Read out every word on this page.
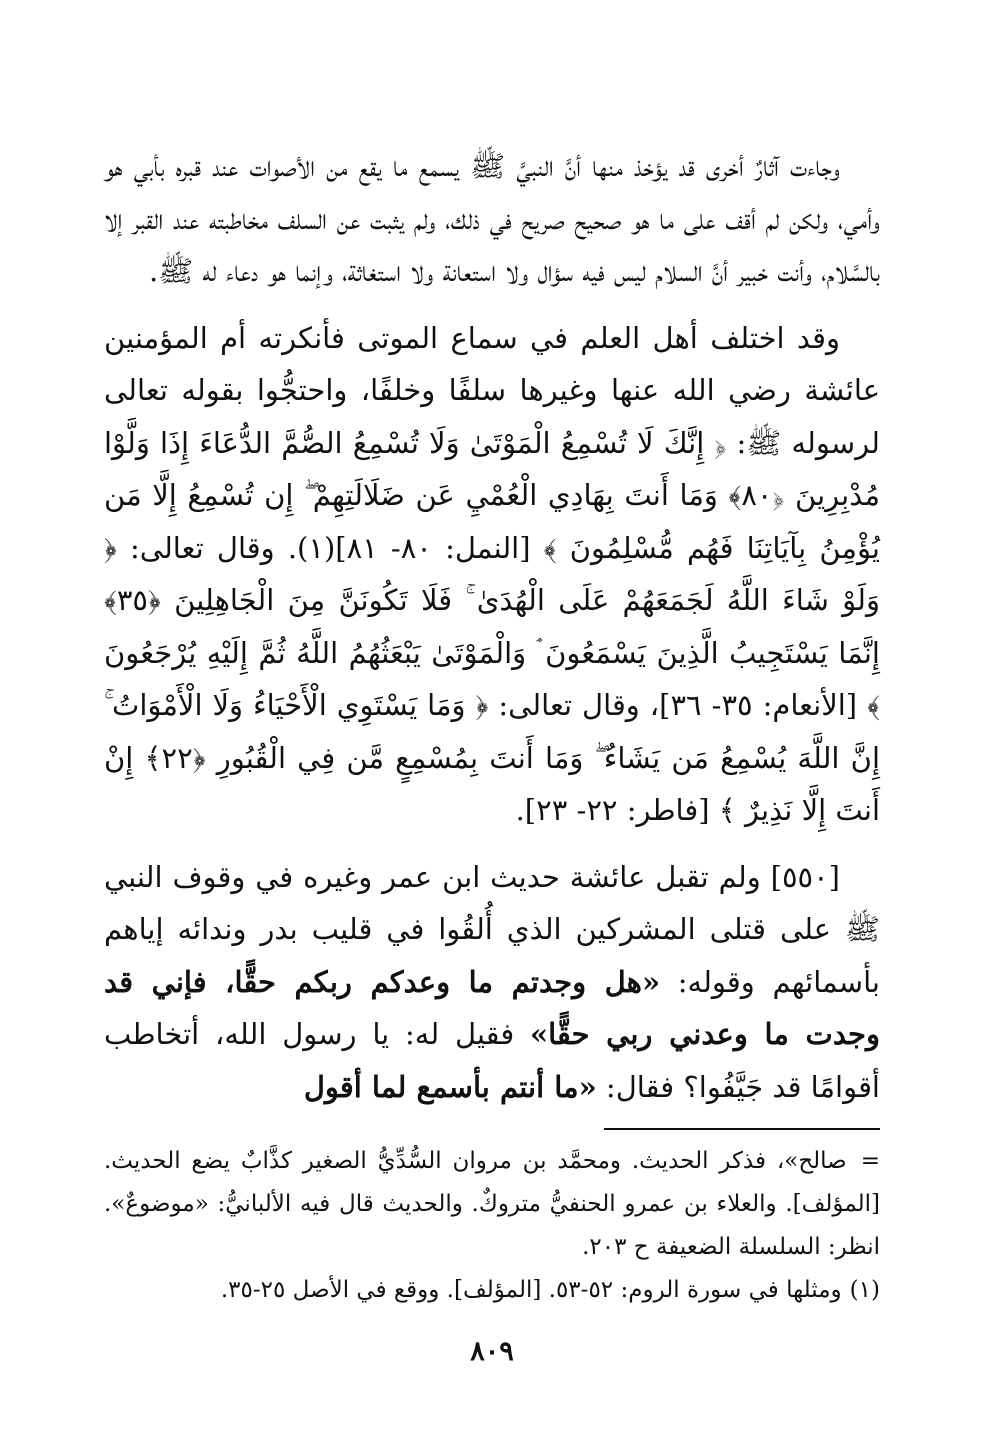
وجاءت آثارٌ أخرى قد يؤخذ منها أنَّ النبيَّ ﷺ يسمع ما يقع من الأصوات عند قبره بأبي هو وأمي، ولكن لم أقف على ما هو صحيح صريح في ذلك، ولم يثبت عن السلف مخاطبته عند القبر إلا بالسَّلام، وأنت خبير أنَّ السلام ليس فيه سؤال ولا استعانة ولا استغاثة، وإنما هو دعاء له ﷺ.

وقد اختلف أهل العلم في سماع الموتى فأنكرته أم المؤمنين عائشة رضي الله عنها وغيرها سلفًا وخلفًا، واحتجُّوا بقوله تعالى لرسوله ﷺ: ﴿ إِنَّكَ لَا تُسْمِعُ الْمَوْتَىٰ وَلَا تُسْمِعُ الصُّمَّ الدُّعَاءَ إِذَا وَلَّوْا مُدْبِرِينَ ﴿٨٠﴾ وَمَا أَنتَ بِهَادِي الْعُمْيِ عَن ضَلَالَتِهِمْ ۖ إِن تُسْمِعُ إِلَّا مَن يُؤْمِنُ بِآيَاتِنَا فَهُم مُّسْلِمُونَ ﴾ [النمل: ٨٠- ٨١](١). وقال تعالى: ﴿ وَلَوْ شَاءَ اللَّهُ لَجَمَعَهُمْ عَلَى الْهُدَىٰ ۚ فَلَا تَكُونَنَّ مِنَ الْجَاهِلِينَ ﴿٣٥﴾ إِنَّمَا يَسْتَجِيبُ الَّذِينَ يَسْمَعُونَ ۘ وَالْمَوْتَىٰ يَبْعَثُهُمُ اللَّهُ ثُمَّ إِلَيْهِ يُرْجَعُونَ ﴾ [الأنعام: ٣٥- ٣٦]، وقال تعالى: ﴿ وَمَا يَسْتَوِي الْأَحْيَاءُ وَلَا الْأَمْوَاتُ ۚ إِنَّ اللَّهَ يُسْمِعُ مَن يَشَاءُ ۖ وَمَا أَنتَ بِمُسْمِعٍ مَّن فِي الْقُبُورِ ﴿٢٢﴾ إِنْ أَنتَ إِلَّا نَذِيرٌ ﴾ [فاطر: ٢٢- ٢٣].

[٥٥٠] ولم تقبل عائشة حديث ابن عمر وغيره في وقوف النبي ﷺ على قتلى المشركين الذي أُلقُوا في قليب بدر وندائه إياهم بأسمائهم وقوله: «هل وجدتم ما وعدكم ربكم حقًّا، فإني قد وجدت ما وعدني ربي حقًّا» فقيل له: يا رسول الله، أتخاطب أقوامًا قد جَيَّفُوا؟ فقال: «ما أنتم بأسمع لما أقول

=صالح»، فذكر الحديث. ومحمَّد بن مروان السُّدِّيُّ الصغير كذَّابٌ يضع الحديث. [المؤلف]. والعلاء بن عمرو الحنفيُّ متروكٌ. والحديث قال فيه الألبانيُّ: «موضوعٌ». انظر: السلسلة الضعيفة ح ٢٠٣.

(١)ومثلها في سورة الروم: ٥٢-٥٣. [المؤلف]. ووقع في الأصل ٢٥-٣٥.

٨٠٩
